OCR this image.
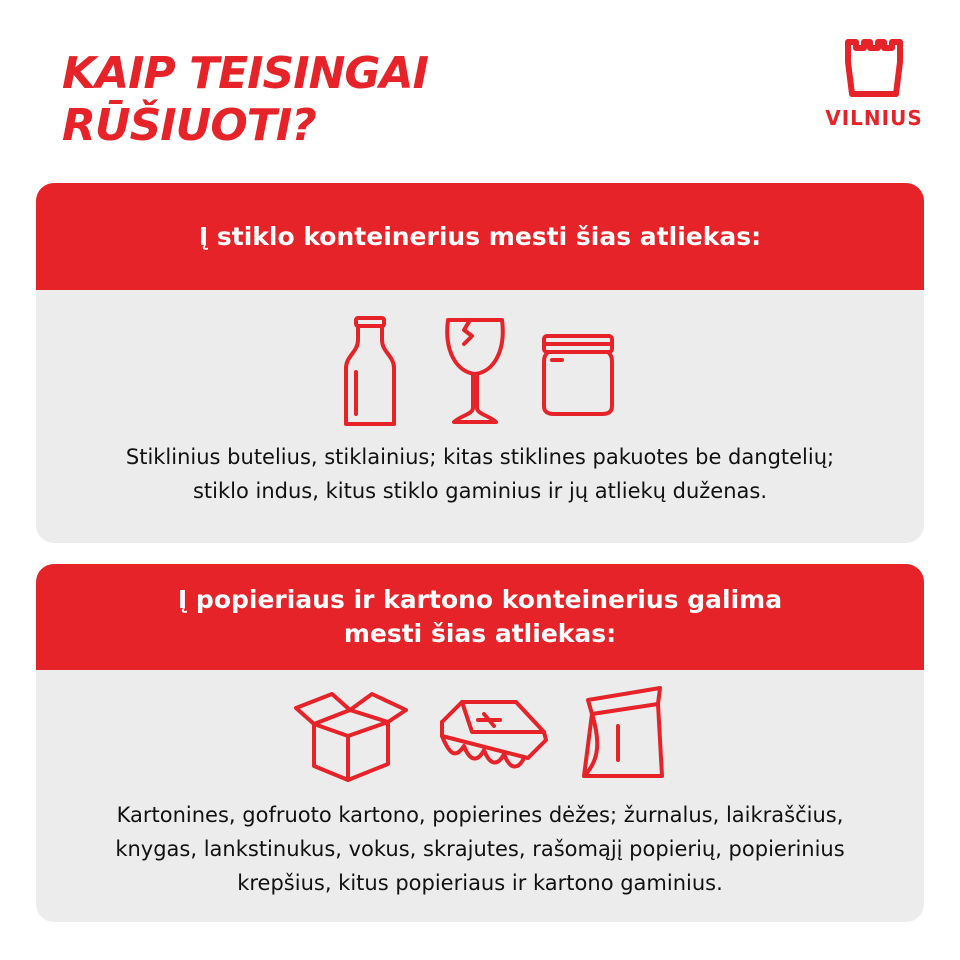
KAIP TEISINGAI
RŪŠIUOTI?	VILNIUS
Į stiklo konteinerius mesti šias atliekas:

Stiklinius butelius, stiklainius; kitas stiklines pakuotes be dangtelių;
stiklo indus, kitus stiklo gaminius ir jų atliekų duženas.

Į popieriaus ir kartono konteinerius galima
mesti šias atliekas:

Kartonines, gofruoto kartono, popierines dėžes; žurnalus, laikraščius,
knygas, lankstinukus, vokus, skrajutes, rašomąjį popierių, popierinius
krepšius, kitus popieriaus ir kartono gaminius.
